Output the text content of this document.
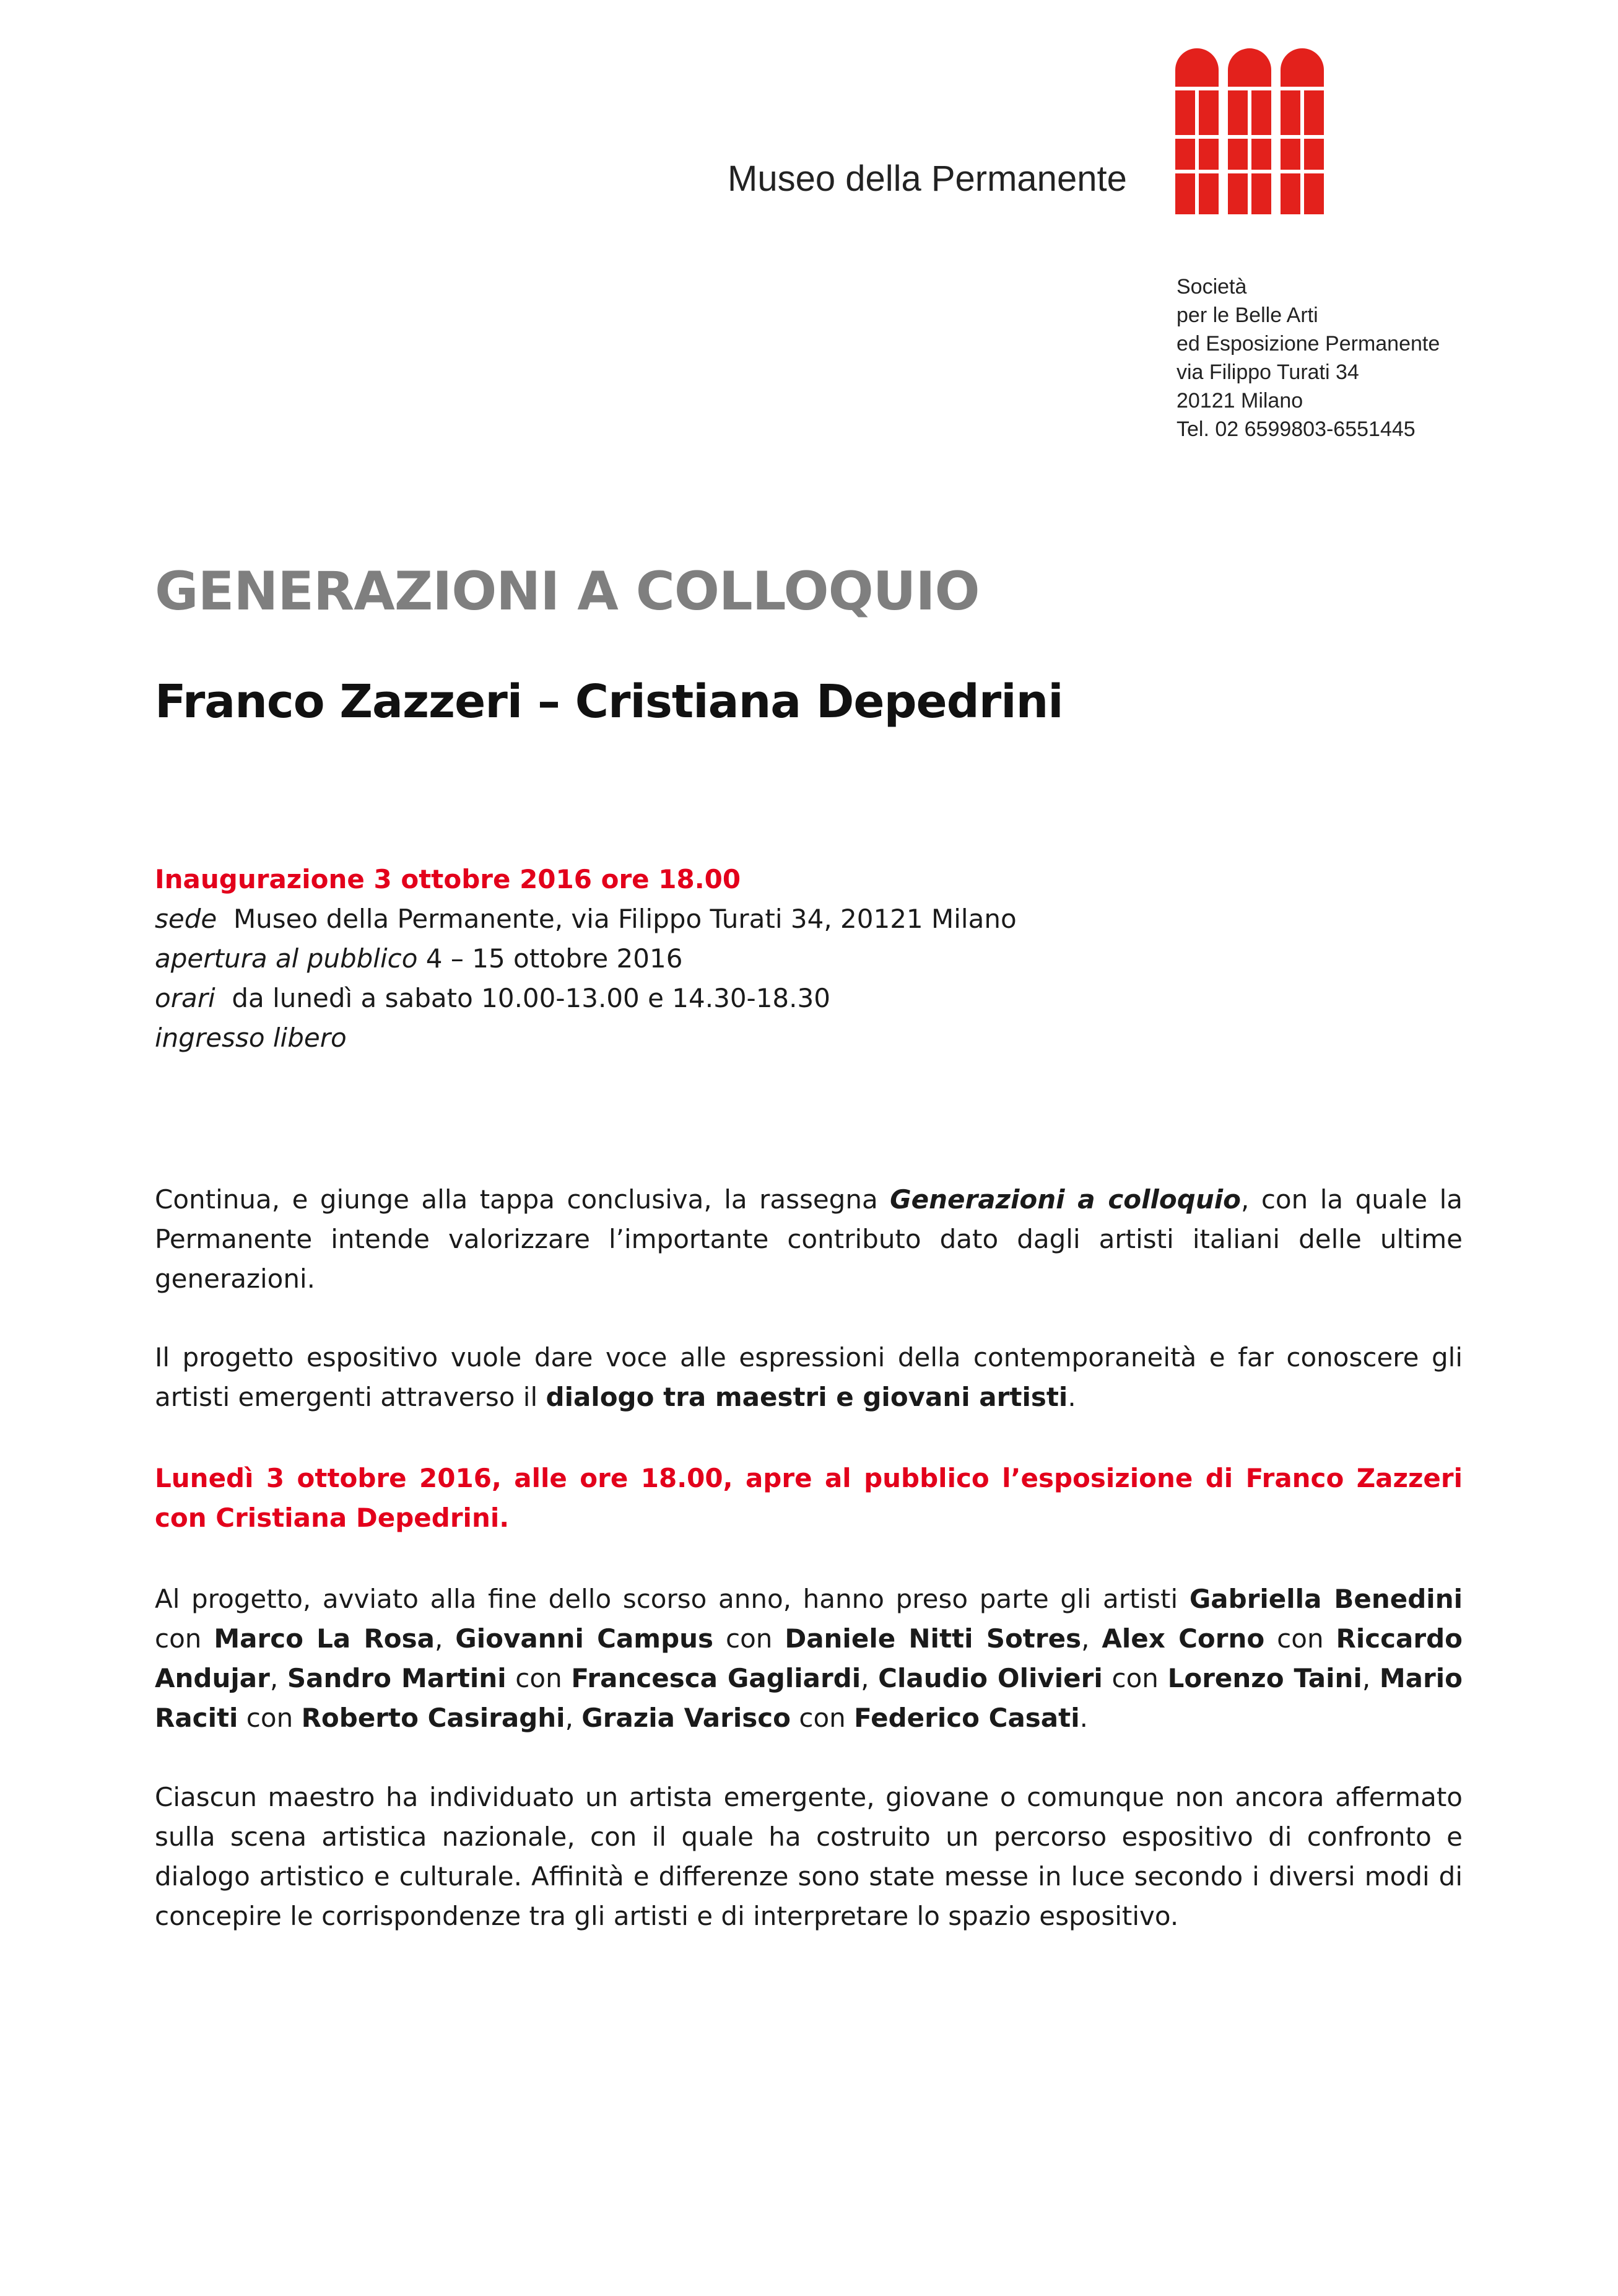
Museo della Permanente
Società
per le Belle Arti
ed Esposizione Permanente
via Filippo Turati 34
20121 Milano
Tel. 02 6599803-6551445
GENERAZIONI A COLLOQUIO
Franco Zazzeri – Cristiana Depedrini
Inaugurazione 3 ottobre 2016 ore 18.00
sede Museo della Permanente, via Filippo Turati 34, 20121 Milano
apertura al pubblico 4 – 15 ottobre 2016
orari da lunedì a sabato 10.00-13.00 e 14.30-18.30
ingresso libero
Continua, e giunge alla tappa conclusiva, la rassegna Generazioni a colloquio, con la quale la Permanente intende valorizzare l’importante contributo dato dagli artisti italiani delle ultime generazioni.
Il progetto espositivo vuole dare voce alle espressioni della contemporaneità e far conoscere gli artisti emergenti attraverso il dialogo tra maestri e giovani artisti.
Lunedì 3 ottobre 2016, alle ore 18.00, apre al pubblico l’esposizione di Franco Zazzeri con Cristiana Depedrini.
Al progetto, avviato alla fine dello scorso anno, hanno preso parte gli artisti Gabriella Benedini con Marco La Rosa, Giovanni Campus con Daniele Nitti Sotres, Alex Corno con Riccardo Andujar, Sandro Martini con Francesca Gagliardi, Claudio Olivieri con Lorenzo Taini, Mario Raciti con Roberto Casiraghi, Grazia Varisco con Federico Casati.
Ciascun maestro ha individuato un artista emergente, giovane o comunque non ancora affermato sulla scena artistica nazionale, con il quale ha costruito un percorso espositivo di confronto e dialogo artistico e culturale. Affinità e differenze sono state messe in luce secondo i diversi modi di concepire le corrispondenze tra gli artisti e di interpretare lo spazio espositivo.
